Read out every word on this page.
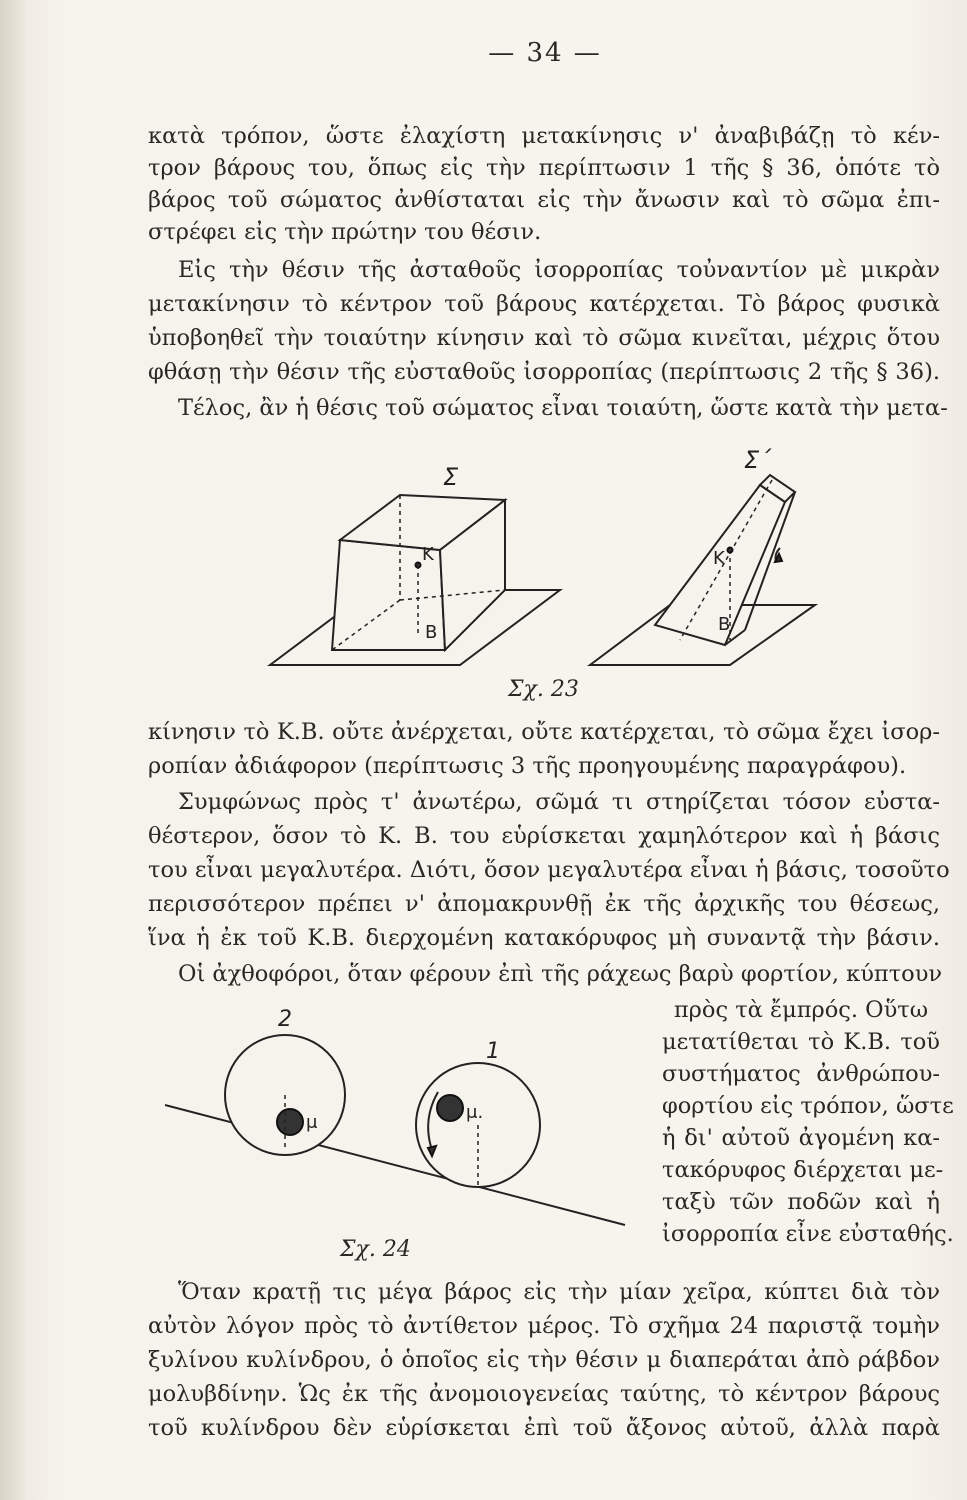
— 34 —
κατὰ τρόπον, ὥστε ἐλαχίστη μετακίνησις ν' ἀναβιβάζῃ τὸ κέν-
τρον βάρους του, ὅπως εἰς τὴν περίπτωσιν 1 τῆς § 36, ὁπότε τὸ
βάρος τοῦ σώματος ἀνθίσταται εἰς τὴν ἄνωσιν καὶ τὸ σῶμα ἐπι-
στρέφει εἰς τὴν πρώτην του θέσιν.
Εἰς τὴν θέσιν τῆς ἀσταθοῦς ἰσορροπίας τοὐναντίον μὲ μικρὰν
μετακίνησιν τὸ κέντρον τοῦ βάρους κατέρχεται. Τὸ βάρος φυσικὰ
ὑποβοηθεῖ τὴν τοιαύτην κίνησιν καὶ τὸ σῶμα κινεῖται, μέχρις ὅτου
φθάσῃ τὴν θέσιν τῆς εὐσταθοῦς ἰσορροπίας (περίπτωσις 2 τῆς § 36).
Τέλος, ἂν ἡ θέσις τοῦ σώματος εἶναι τοιαύτη, ὥστε κατὰ τὴν μετα-
Σ
Σ΄
K
B
K
B
Σχ. 23
κίνησιν τὸ Κ.Β. οὔτε ἀνέρχεται, οὔτε κατέρχεται, τὸ σῶμα ἔχει ἰσορ-
ροπίαν ἀδιάφορον (περίπτωσις 3 τῆς προηγουμένης παραγράφου).
Συμφώνως πρὸς τ' ἀνωτέρω, σῶμά τι στηρίζεται τόσον εὐστα-
θέστερον, ὅσον τὸ Κ. Β. του εὑρίσκεται χαμηλότερον καὶ ἡ βάσις
του εἶναι μεγαλυτέρα. Διότι, ὅσον μεγαλυτέρα εἶναι ἡ βάσις, τοσοῦτο
περισσότερον πρέπει ν' ἀπομακρυνθῇ ἐκ τῆς ἀρχικῆς του θέσεως,
ἵνα ἡ ἐκ τοῦ Κ.Β. διερχομένη κατακόρυφος μὴ συναντᾷ τὴν βάσιν.
Οἱ ἀχθοφόροι, ὅταν φέρουν ἐπὶ τῆς ράχεως βαρὺ φορτίον, κύπτουν
πρὸς τὰ ἔμπρός. Οὕτω
μετατίθεται τὸ Κ.Β. τοῦ
συστήματος ἀνθρώπου-
φορτίου εἰς τρόπον, ὥστε
ἡ δι' αὐτοῦ ἀγομένη κα-
τακόρυφος διέρχεται με-
ταξὺ τῶν ποδῶν καὶ ἡ
ἰσορροπία εἶνε εὐσταθής.
2
1
μ	μ.
Σχ. 24
Ὅταν κρατῇ τις μέγα βάρος εἰς τὴν μίαν χεῖρα, κύπτει διὰ τὸν
αὐτὸν λόγον πρὸς τὸ ἀντίθετον μέρος. Τὸ σχῆμα 24 παριστᾷ τομὴν
ξυλίνου κυλίνδρου, ὁ ὁποῖος εἰς τὴν θέσιν μ διαπεράται ἀπὸ ράβδον
μολυβδίνην. Ὡς ἐκ τῆς ἀνομοιογενείας ταύτης, τὸ κέντρον βάρους
τοῦ κυλίνδρου δὲν εὑρίσκεται ἐπὶ τοῦ ἄξονος αὐτοῦ, ἀλλὰ παρὰ
